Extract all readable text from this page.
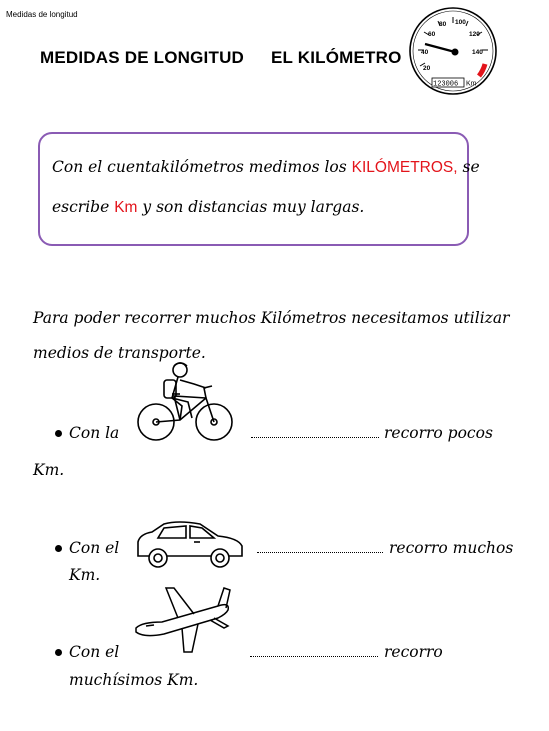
Medidas de longitud
MEDIDAS DE LONGITUD EL KILÓMETRO
20
40
60
80 100
120
140
123006 Km
Con el cuentakilómetros medimos los KILÓMETROS, se
escribe Km y son distancias muy largas.
Para poder recorrer muchos Kilómetros necesitamos utilizar
medios de transporte.
Con la	recorro pocos
Km.
Con el	recorro muchos
Km.
Con el	recorro
muchísimos Km.
